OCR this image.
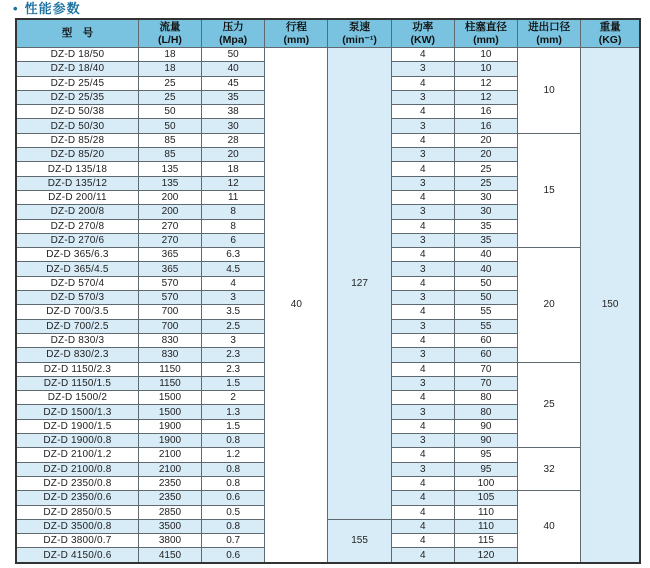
• 性能参数
型　号

流量
(L/H)

压力
(Mpa)

行程
(mm)

泵速
(min⁻¹)

功率
(KW)

柱塞直径
(mm)

进出口径
(mm)

重量
(KG)

DZ-D 18/50	18	50	40	127	4	10	10	150
DZ-D 18/40	18	40			3	10		
DZ-D 25/45	25	45			4	12		
DZ-D 25/35	25	35			3	12		
DZ-D 50/38	50	38			4	16		
DZ-D 50/30	50	30			3	16		
DZ-D 85/28	85	28			4	20	15	
DZ-D 85/20	85	20			3	20		
DZ-D 135/18	135	18			4	25		
DZ-D 135/12	135	12			3	25		
DZ-D 200/11	200	11			4	30		
DZ-D 200/8	200	8			3	30		
DZ-D 270/8	270	8			4	35		
DZ-D 270/6	270	6			3	35		
DZ-D 365/6.3	365	6.3			4	40	20	
DZ-D 365/4.5	365	4.5			3	40		
DZ-D 570/4	570	4			4	50		
DZ-D 570/3	570	3			3	50		
DZ-D 700/3.5	700	3.5			4	55		
DZ-D 700/2.5	700	2.5			3	55		
DZ-D 830/3	830	3			4	60		
DZ-D 830/2.3	830	2.3			3	60		
DZ-D 1150/2.3	1150	2.3			4	70	25	
DZ-D 1150/1.5	1150	1.5			3	70		
DZ-D 1500/2	1500	2			4	80		
DZ-D 1500/1.3	1500	1.3			3	80		
DZ-D 1900/1.5	1900	1.5			4	90		
DZ-D 1900/0.8	1900	0.8			3	90		
DZ-D 2100/1.2	2100	1.2			4	95	32	
DZ-D 2100/0.8	2100	0.8			3	95		
DZ-D 2350/0.8	2350	0.8			4	100		
DZ-D 2350/0.6	2350	0.6			4	105	40	
DZ-D 2850/0.5	2850	0.5			4	110		
DZ-D 3500/0.8	3500	0.8		155	4	110		
DZ-D 3800/0.7	3800	0.7			4	115		
DZ-D 4150/0.6	4150	0.6			4	120		
